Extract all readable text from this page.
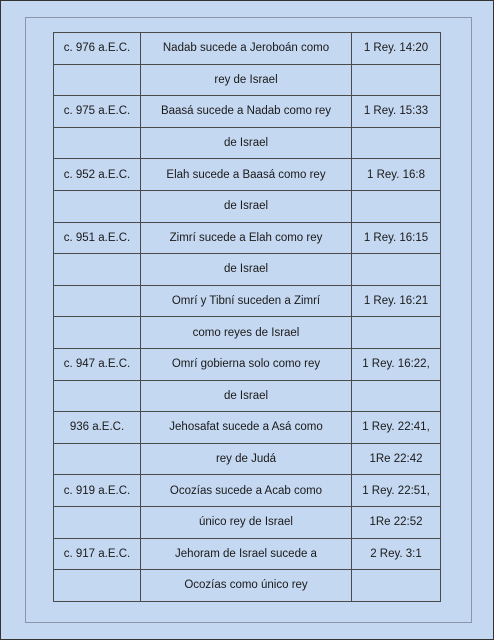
c. 976 a.E.C.	Nadab sucede a Jeroboán como	1 Rey. 14:20
	rey de Israel	
c. 975 a.E.C.	Baasá sucede a Nadab como rey	1 Rey. 15:33
	de Israel	
c. 952 a.E.C.	Elah sucede a Baasá como rey	1 Rey. 16:8
	de Israel	
c. 951 a.E.C.	Zimrí sucede a Elah como rey	1 Rey. 16:15
	de Israel	
	Omrí y Tibní suceden a Zimrí	1 Rey. 16:21
	como reyes de Israel	
c. 947 a.E.C.	Omrí gobierna solo como rey	1 Rey. 16:22,
	de Israel	
936 a.E.C.	Jehosafat sucede a Asá como	1 Rey. 22:41,
	rey de Judá	1Re 22:42
c. 919 a.E.C.	Ocozías sucede a Acab como	1 Rey. 22:51,
	único rey de Israel	1Re 22:52
c. 917 a.E.C.	Jehoram de Israel sucede a	2 Rey. 3:1
	Ocozías como único rey	
